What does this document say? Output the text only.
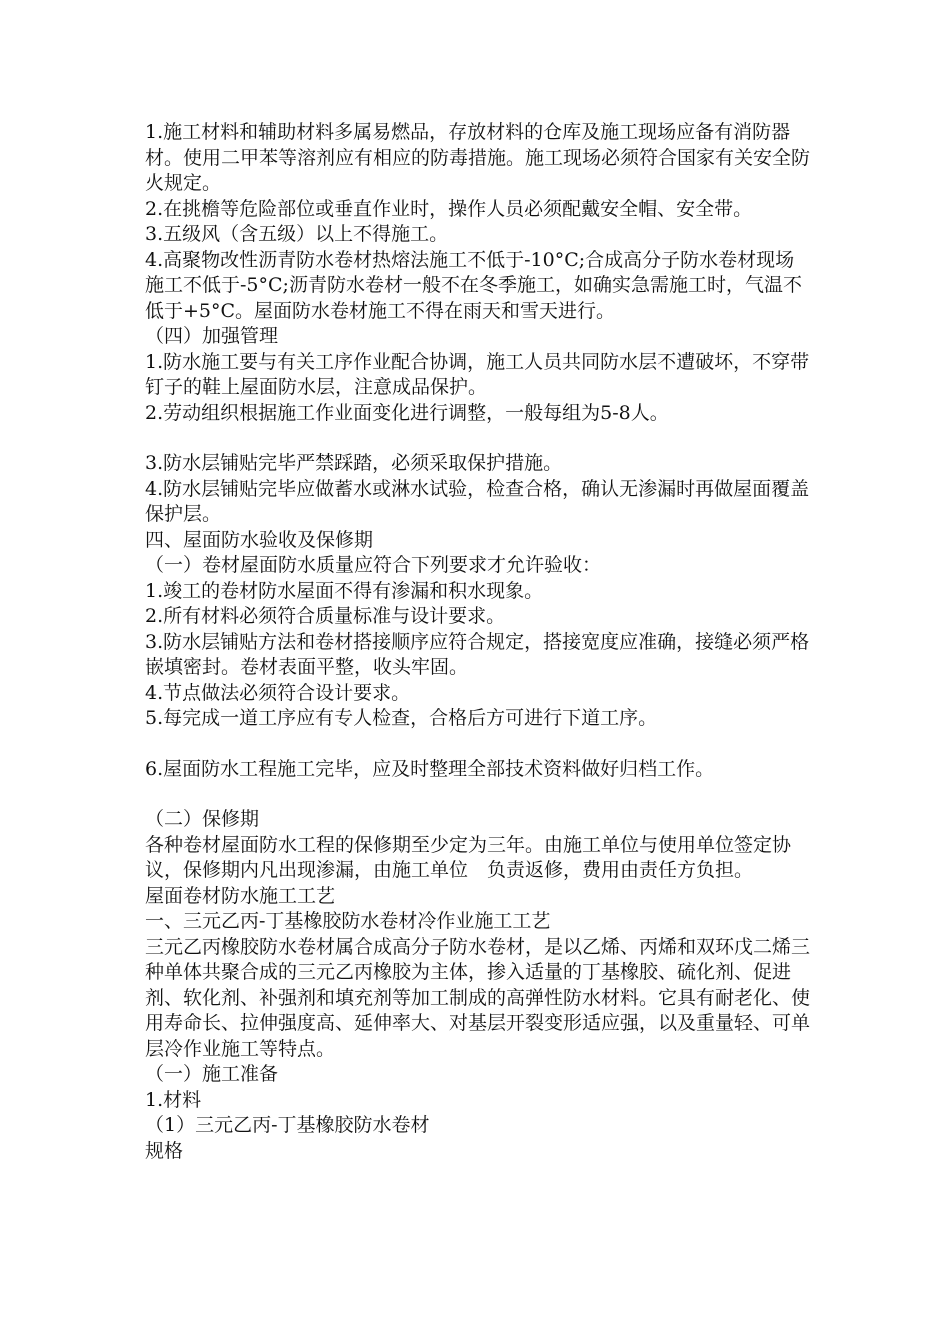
1.施工材料和辅助材料多属易燃品，存放材料的仓库及施工现场应备有消防器材。使用二甲苯等溶剂应有相应的防毒措施。施工现场必须符合国家有关安全防火规定。

2.在挑檐等危险部位或垂直作业时，操作人员必须配戴安全帽、安全带。

3.五级风（含五级）以上不得施工。

4.高聚物改性沥青防水卷材热熔法施工不低于-10°C;合成高分子防水卷材现场施工不低于-5°C;沥青防水卷材一般不在冬季施工，如确实急需施工时，气温不低于+5°C。屋面防水卷材施工不得在雨天和雪天进行。

（四）加强管理

1.防水施工要与有关工序作业配合协调，施工人员共同防水层不遭破坏，不穿带钉子的鞋上屋面防水层，注意成品保护。

2.劳动组织根据施工作业面变化进行调整，一般每组为5-8人。

3.防水层铺贴完毕严禁踩踏，必须采取保护措施。

4.防水层铺贴完毕应做蓄水或淋水试验，检查合格，确认无渗漏时再做屋面覆盖保护层。

四、屋面防水验收及保修期

（一）卷材屋面防水质量应符合下列要求才允许验收：

1.竣工的卷材防水屋面不得有渗漏和积水现象。

2.所有材料必须符合质量标准与设计要求。

3.防水层铺贴方法和卷材搭接顺序应符合规定，搭接宽度应准确，接缝必须严格嵌填密封。卷材表面平整，收头牢固。

4.节点做法必须符合设计要求。

5.每完成一道工序应有专人检查，合格后方可进行下道工序。

6.屋面防水工程施工完毕，应及时整理全部技术资料做好归档工作。

（二）保修期

各种卷材屋面防水工程的保修期至少定为三年。由施工单位与使用单位签定协议，保修期内凡出现渗漏，由施工单位　负责返修，费用由责任方负担。

屋面卷材防水施工工艺

一、三元乙丙-丁基橡胶防水卷材冷作业施工工艺

三元乙丙橡胶防水卷材属合成高分子防水卷材，是以乙烯、丙烯和双环戊二烯三种单体共聚合成的三元乙丙橡胶为主体，掺入适量的丁基橡胶、硫化剂、促进剂、软化剂、补强剂和填充剂等加工制成的高弹性防水材料。它具有耐老化、使用寿命长、拉伸强度高、延伸率大、对基层开裂变形适应强，以及重量轻、可单层冷作业施工等特点。

（一）施工准备

1.材料

（1）三元乙丙-丁基橡胶防水卷材

规格
